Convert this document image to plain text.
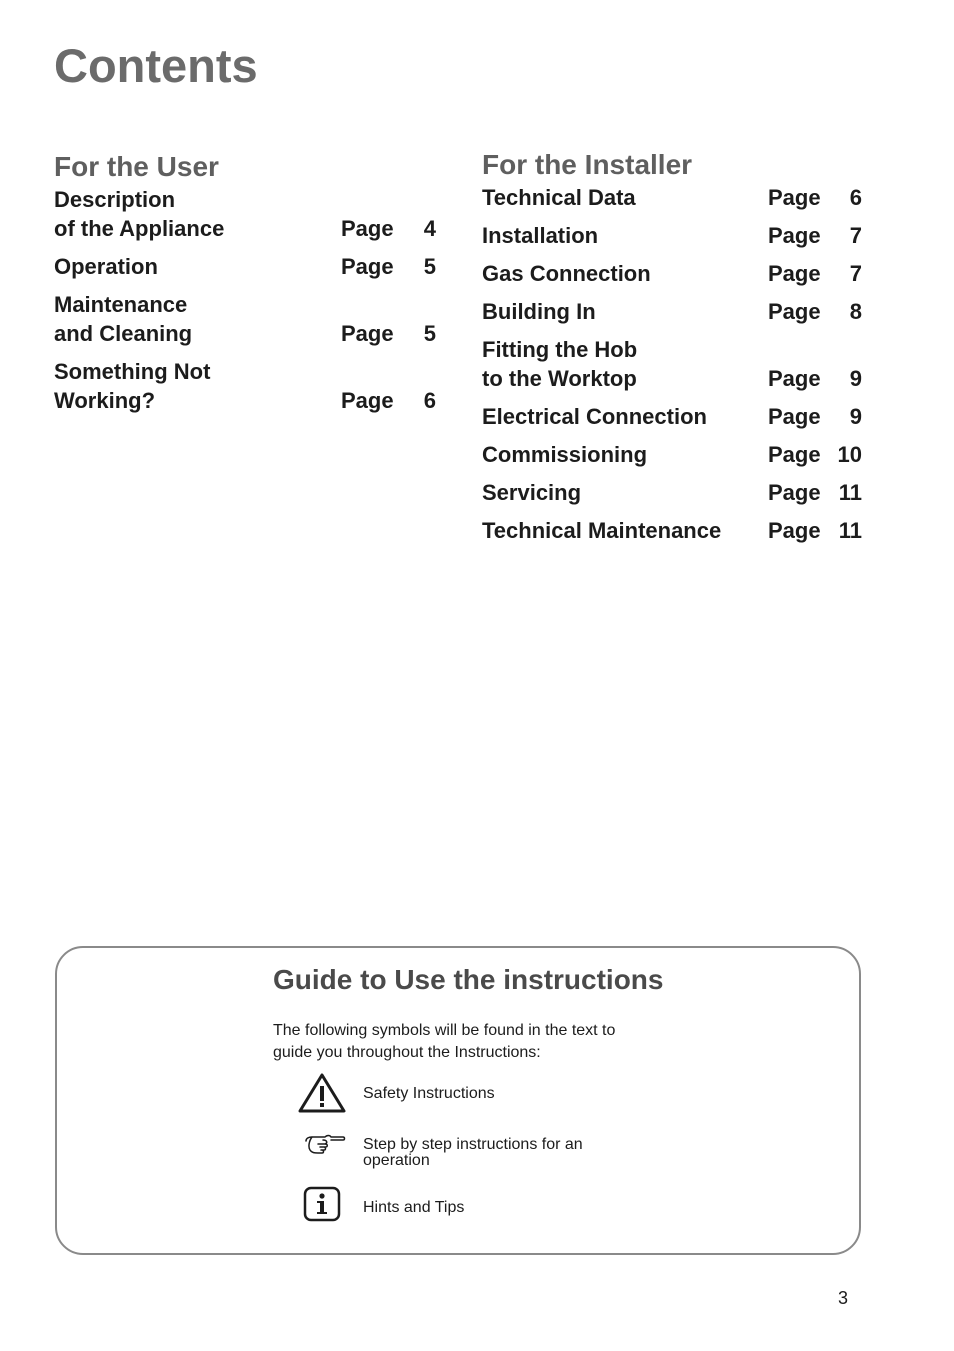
Contents
For the User
Description
of the Appliance	Page	4
Operation	Page	5
Maintenance
and Cleaning	Page	5
Something Not
Working?	Page	6
For the Installer
Technical Data	Page	6
Installation	Page	7
Gas Connection	Page	7
Building In	Page	8
Fitting the Hob
to the Worktop	Page	9
Electrical Connection	Page	9
Commissioning	Page 10
Servicing	Page 11
Technical Maintenance	Page 11
Guide to Use the instructions

The following symbols will be found in the text to
guide you throughout the Instructions:

Safety Instructions
Step by step instructions for an
operation
Hints and Tips
3
